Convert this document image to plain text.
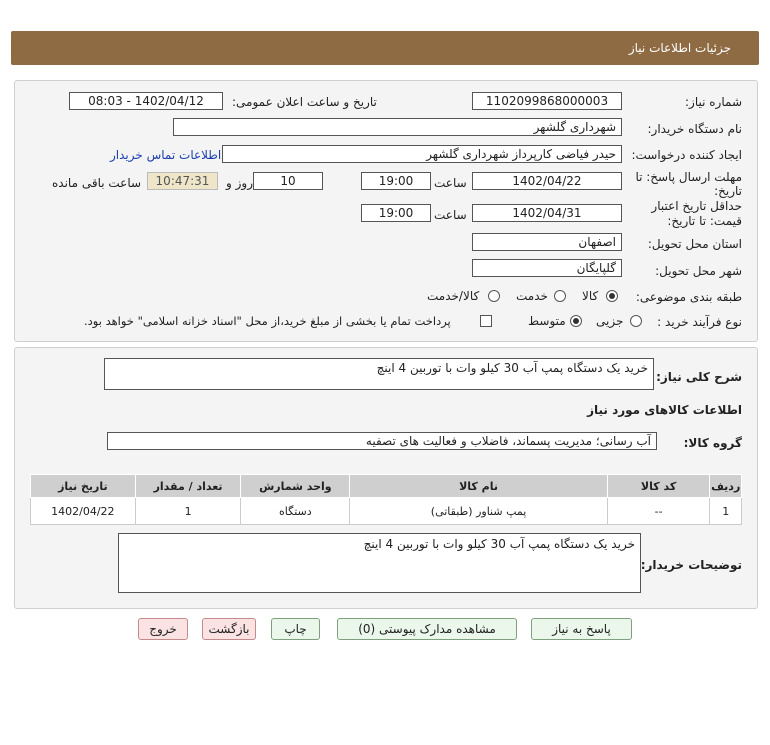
جزئیات اطلاعات نیاز
شماره نیاز:
1102099868000003
تاریخ و ساعت اعلان عمومی:
1402/04/12 - 08:03
نام دستگاه خریدار:
شهرداری گلشهر
ایجاد کننده درخواست:
حیدر فیاضی کارپرداز شهرداری گلشهر
اطلاعات تماس خریدار
مهلت ارسال پاسخ: تا
تاریخ:
1402/04/22
ساعت
19:00
10
روز و
10:47:31
ساعت باقی مانده
حداقل تاریخ اعتبار
قیمت: تا تاریخ:
1402/04/31
ساعت
19:00
استان محل تحویل:
اصفهان
شهر محل تحویل:
گلپایگان
طبقه بندی موضوعی:
کالا
خدمت
کالا/خدمت
نوع فرآیند خرید :
جزیی
متوسط
پرداخت تمام یا بخشی از مبلغ خرید،از محل "اسناد خزانه اسلامی" خواهد بود.
شرح کلی نیاز:
خرید یک دستگاه پمپ آب 30 کیلو وات با توربین 4 اینچ
اطلاعات کالاهای مورد نیاز
گروه کالا:
آب رسانی؛ مدیریت پسماند، فاضلاب و فعالیت های تصفیه
ردیف	کد کالا	نام کالا	واحد شمارش	تعداد / مقدار	تاریخ نیاز
1	--	پمپ شناور (طبقاتی)	دستگاه	1	1402/04/22
توضیحات خریدار:
خرید یک دستگاه پمپ آب 30 کیلو وات با توربین 4 اینچ
پاسخ به نیاز
مشاهده مدارک پیوستی (0)
چاپ
بازگشت
خروج
